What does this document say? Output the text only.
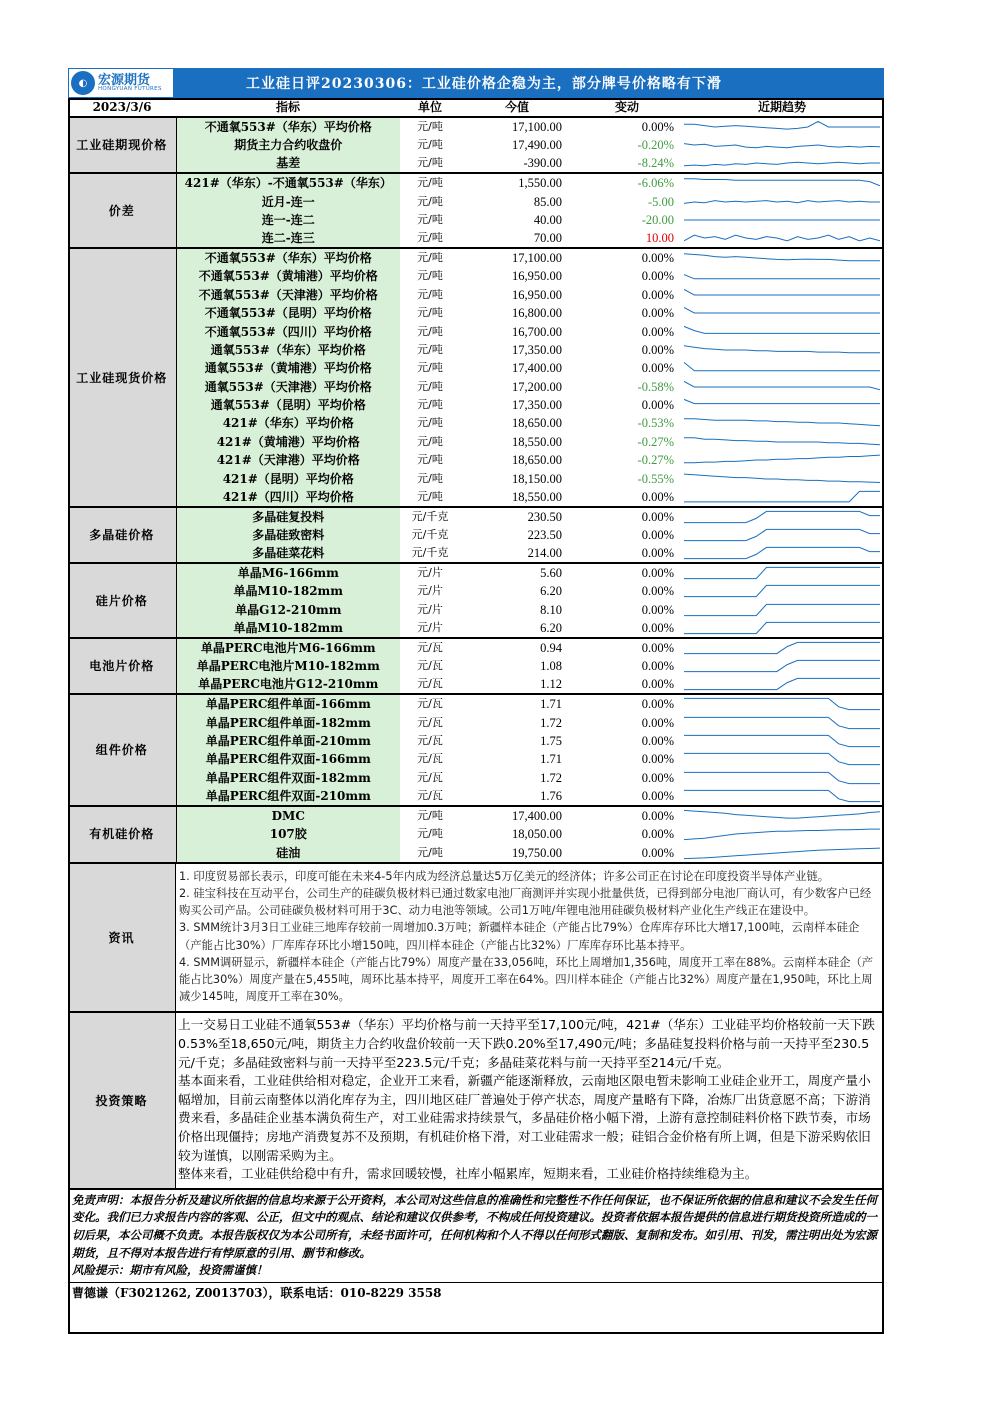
◐ 宏源期货
HONGYUAN FUTURES	工业硅日评20230306：工业硅价格企稳为主，部分牌号价格略有下滑
2023/3/6	指标	单位	今值	变动	近期趋势
工业硅期现价格	不通氧553#（华东）平均价格	元/吨	17,100.00	0.00%	

	期货主力合约收盘价	元/吨	17,490.00	-0.20%	

	基差	元/吨	-390.00	-8.24%	

价差	421#（华东）-不通氧553#（华东）	元/吨	1,550.00	-6.06%	

	近月-连一	元/吨	85.00	-5.00	

	连一-连二	元/吨	40.00	-20.00	

	连二-连三	元/吨	70.00	10.00	

工业硅现货价格	不通氧553#（华东）平均价格	元/吨	17,100.00	0.00%	

	不通氧553#（黄埔港）平均价格	元/吨	16,950.00	0.00%	

	不通氧553#（天津港）平均价格	元/吨	16,950.00	0.00%	

	不通氧553#（昆明）平均价格	元/吨	16,800.00	0.00%	

	不通氧553#（四川）平均价格	元/吨	16,700.00	0.00%	

	通氧553#（华东）平均价格	元/吨	17,350.00	0.00%	

	通氧553#（黄埔港）平均价格	元/吨	17,400.00	0.00%	

	通氧553#（天津港）平均价格	元/吨	17,200.00	-0.58%	

	通氧553#（昆明）平均价格	元/吨	17,350.00	0.00%	

	421#（华东）平均价格	元/吨	18,650.00	-0.53%	

	421#（黄埔港）平均价格	元/吨	18,550.00	-0.27%	

	421#（天津港）平均价格	元/吨	18,650.00	-0.27%	

	421#（昆明）平均价格	元/吨	18,150.00	-0.55%	

	421#（四川）平均价格	元/吨	18,550.00	0.00%	

多晶硅价格	多晶硅复投料	元/千克	230.50	0.00%	

	多晶硅致密料	元/千克	223.50	0.00%	

	多晶硅菜花料	元/千克	214.00	0.00%	

硅片价格	单晶M6-166mm	元/片	5.60	0.00%	

	单晶M10-182mm	元/片	6.20	0.00%	

	单晶G12-210mm	元/片	8.10	0.00%	

	单晶M10-182mm	元/片	6.20	0.00%	

电池片价格	单晶PERC电池片M6-166mm	元/瓦	0.94	0.00%	

	单晶PERC电池片M10-182mm	元/瓦	1.08	0.00%	

	单晶PERC电池片G12-210mm	元/瓦	1.12	0.00%	

组件价格	单晶PERC组件单面-166mm	元/瓦	1.71	0.00%	

	单晶PERC组件单面-182mm	元/瓦	1.72	0.00%	

	单晶PERC组件单面-210mm	元/瓦	1.75	0.00%	

	单晶PERC组件双面-166mm	元/瓦	1.71	0.00%	

	单晶PERC组件双面-182mm	元/瓦	1.72	0.00%	

	单晶PERC组件双面-210mm	元/瓦	1.76	0.00%	

有机硅价格	DMC	元/吨	17,400.00	0.00%	

	107胶	元/吨	18,050.00	0.00%	

	硅油	元/吨	19,750.00	0.00%	
资讯

1. 印度贸易部长表示，印度可能在未来4-5年内成为经济总量达5万亿美元的经济体；许多公司正在讨论在印度投资半导体产业链。

2. 硅宝科技在互动平台，公司生产的硅碳负极材料已通过数家电池厂商测评并实现小批量供货，已得到部分电池厂商认可，有少数客户已经购买公司产品。公司硅碳负极材料可用于3C、动力电池等领域。公司1万吨/年锂电池用硅碳负极材料产业化生产线正在建设中。

3. SMM统计3月3日工业硅三地库存较前一周增加0.3万吨；新疆样本硅企（产能占比79%）仓库库存环比大增17,100吨，云南样本硅企（产能占比30%）厂库库存环比小增150吨，四川样本硅企（产能占比32%）厂库库存环比基本持平。

4. SMM调研显示，新疆样本硅企（产能占比79%）周度产量在33,056吨，环比上周增加1,356吨，周度开工率在88%。云南样本硅企（产能占比30%）周度产量在5,455吨，周环比基本持平，周度开工率在64%。四川样本硅企（产能占比32%）周度产量在1,950吨，环比上周减少145吨，周度开工率在30%。

投资策略

上一交易日工业硅不通氧553#（华东）平均价格与前一天持平至17,100元/吨，421#（华东）工业硅平均价格较前一天下跌0.53%至18,650元/吨，期货主力合约收盘价较前一天下跌0.20%至17,490元/吨；多晶硅复投料价格与前一天持平至230.5元/千克；多晶硅致密料与前一天持平至223.5元/千克；多晶硅菜花料与前一天持平至214元/千克。

基本面来看，工业硅供给相对稳定，企业开工来看，新疆产能逐渐释放，云南地区限电暂未影响工业硅企业开工，周度产量小幅增加，目前云南整体以消化库存为主，四川地区硅厂普遍处于停产状态，周度产量略有下降，冶炼厂出货意愿不高；下游消费来看，多晶硅企业基本满负荷生产，对工业硅需求持续景气，多晶硅价格小幅下滑，上游有意控制硅料价格下跌节奏，市场价格出现僵持；房地产消费复苏不及预期，有机硅价格下滑，对工业硅需求一般；硅铝合金价格有所上调，但是下游采购依旧较为谨慎，以刚需采购为主。

整体来看，工业硅供给稳中有升，需求回暖较慢，社库小幅累库，短期来看，工业硅价格持续维稳为主。

免责声明：本报告分析及建议所依据的信息均来源于公开资料，本公司对这些信息的准确性和完整性不作任何保证，也不保证所依据的信息和建议不会发生任何变化。我们已力求报告内容的客观、公正，但文中的观点、结论和建议仅供参考，不构成任何投资建议。投资者依据本报告提供的信息进行期货投资所造成的一切后果，本公司概不负责。本报告版权仅为本公司所有，未经书面许可，任何机构和个人不得以任何形式翻版、复制和发布。如引用、刊发，需注明出处为宏源期货，且不得对本报告进行有悖原意的引用、删节和修改。

风险提示：期市有风险，投资需谨慎！

曹德谦（F3021262, Z0013703），联系电话：010-8229 3558
